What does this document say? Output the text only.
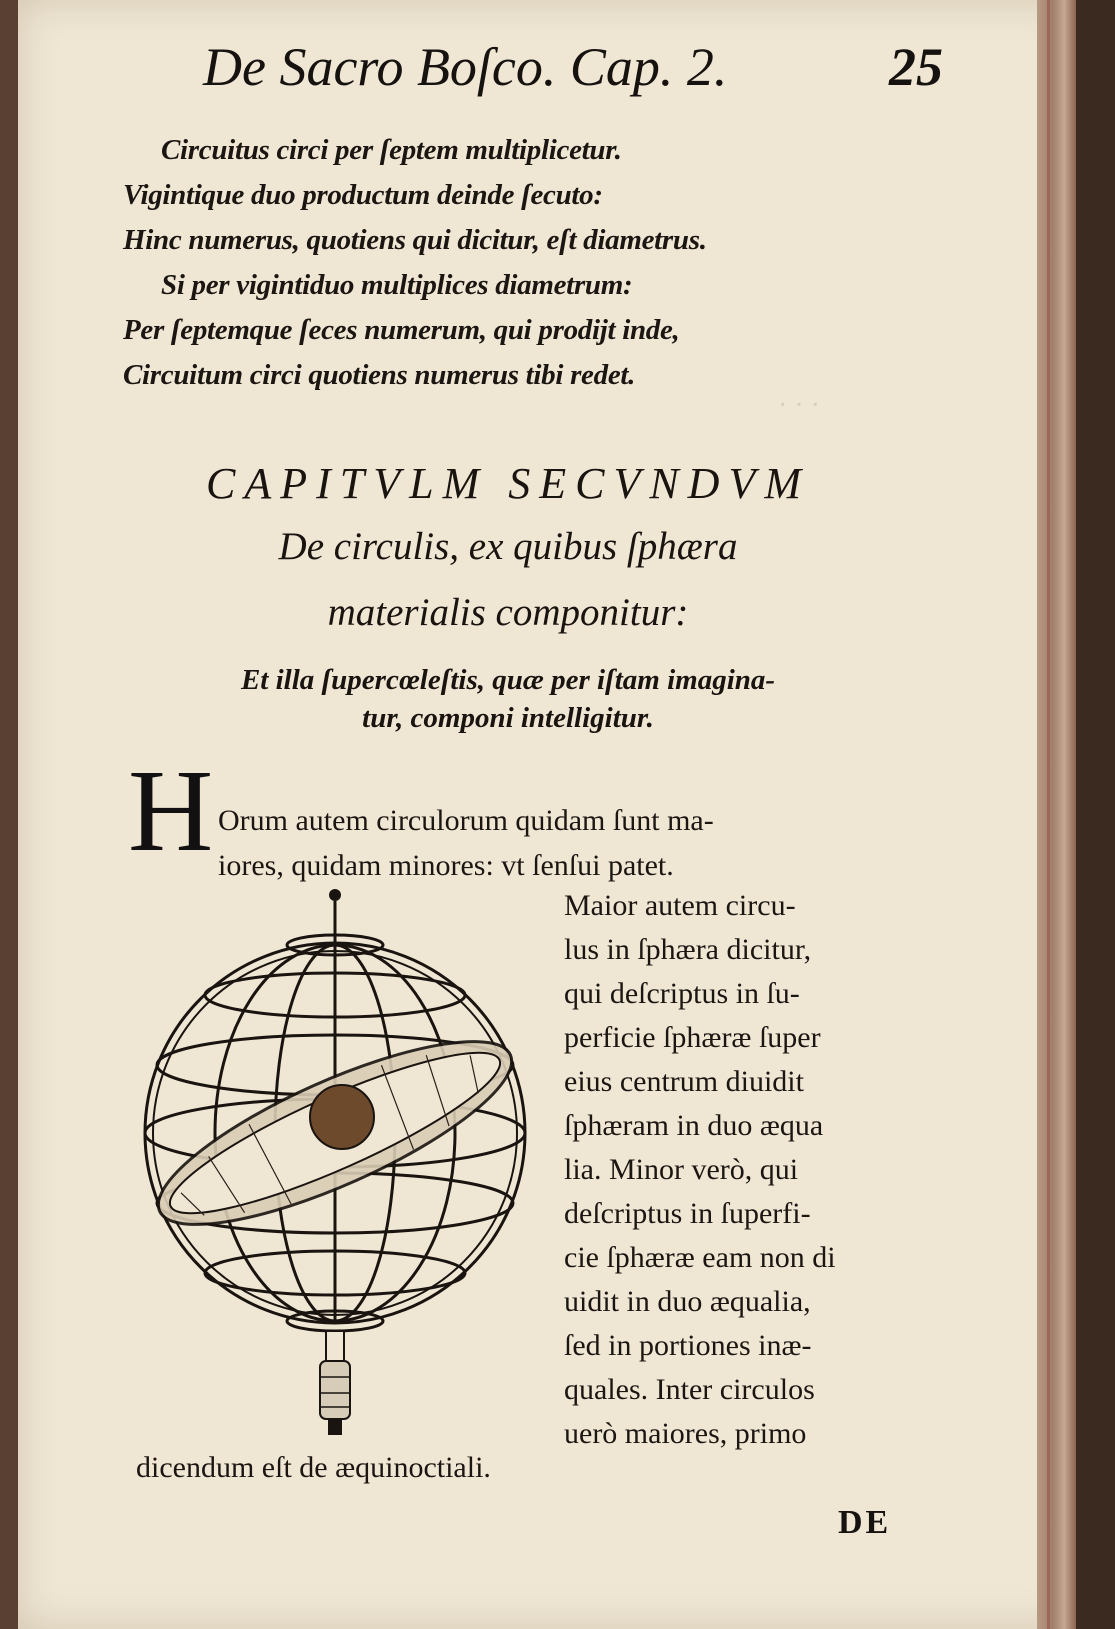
· · ·
De Sacro Boſco. Cap. 2.	25
Circuitus circi per ſeptem multiplicetur.
Vigintique duo productum deinde ſecuto:
Hinc numerus, quotiens qui dicitur, eſt diametrus.
Si per vigintiduo multiplices diametrum:
Per ſeptemque ſeces numerum, qui prodijt inde,
Circuitum circi quotiens numerus tibi redet.
CAPITVLM SECVNDVM
De circulis, ex quibus ſphæra
materialis componitur:
Et illa ſupercœleſtis, quæ per iſtam imagina-
tur, componi intelligitur.
H Orum autem circulorum quidam ſunt ma-
iores, quidam minores: vt ſenſui patet.
Maior autem circu-
lus in ſphæra dicitur,
qui deſcriptus in ſu-
perficie ſphæræ ſuper
eius centrum diuidit
ſphæram in duo æqua
lia. Minor verò, qui
deſcriptus in ſuperfi-
cie ſphæræ eam non di
uidit in duo æqualia,
ſed in portiones inæ-
quales. Inter circulos
uerò maiores, primo
dicendum eſt de æquinoctiali.
DE
